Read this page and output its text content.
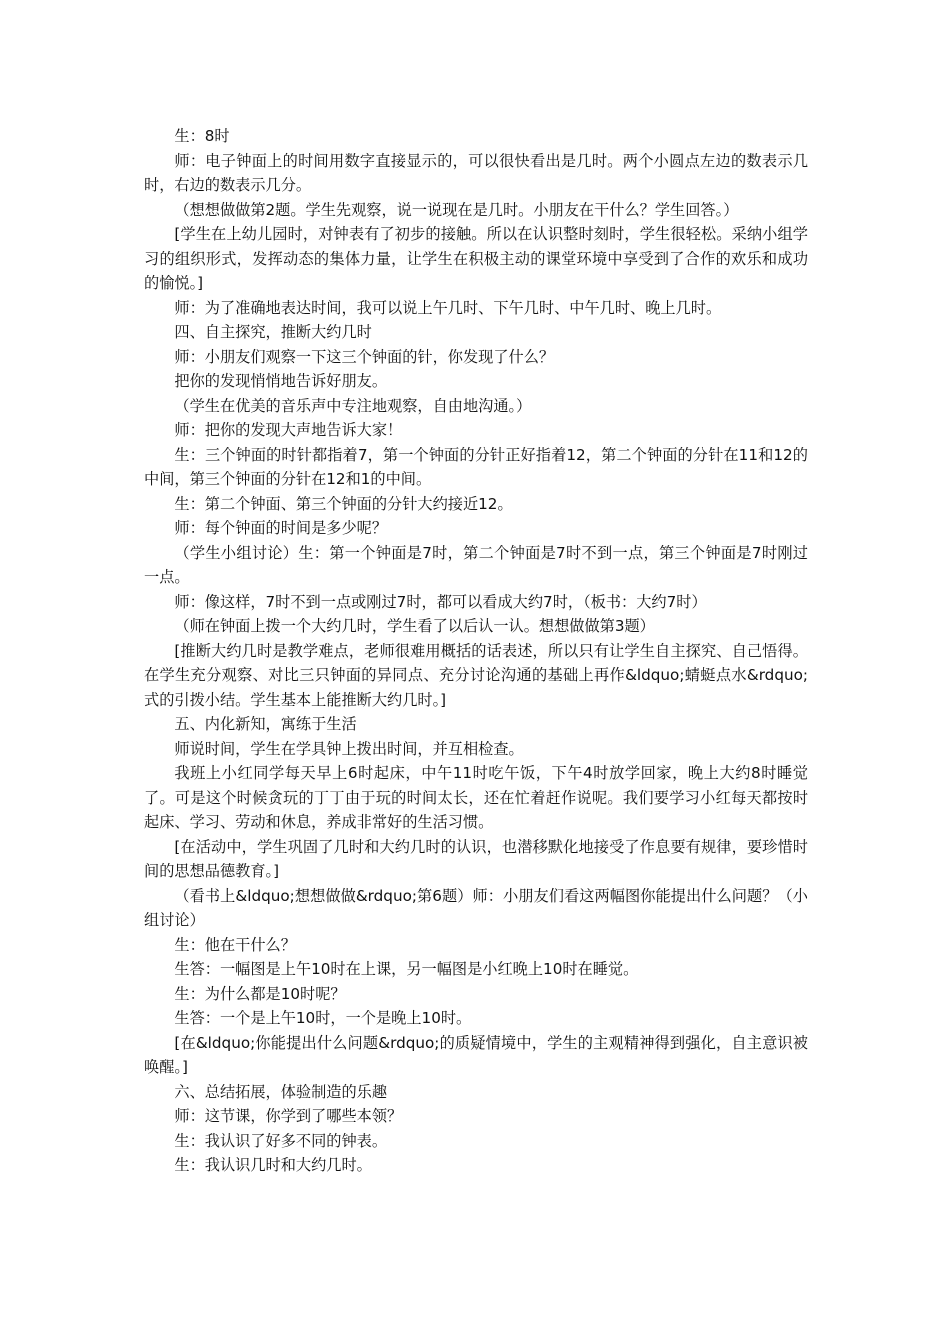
生：8时

师：电子钟面上的时间用数字直接显示的，可以很快看出是几时。两个小圆点左边的数表示几时，右边的数表示几分。

（想想做做第2题。学生先观察，说一说现在是几时。小朋友在干什么？学生回答。）

[学生在上幼儿园时，对钟表有了初步的接触。所以在认识整时刻时，学生很轻松。采纳小组学习的组织形式，发挥动态的集体力量，让学生在积极主动的课堂环境中享受到了合作的欢乐和成功的愉悦。]

师：为了准确地表达时间，我可以说上午几时、下午几时、中午几时、晚上几时。

四、自主探究，推断大约几时

师：小朋友们观察一下这三个钟面的针，你发现了什么？

把你的发现悄悄地告诉好朋友。

（学生在优美的音乐声中专注地观察，自由地沟通。）

师：把你的发现大声地告诉大家！

生：三个钟面的时针都指着7，第一个钟面的分针正好指着12，第二个钟面的分针在11和12的中间，第三个钟面的分针在12和1的中间。

生：第二个钟面、第三个钟面的分针大约接近12。

师：每个钟面的时间是多少呢？

（学生小组讨论）生：第一个钟面是7时，第二个钟面是7时不到一点，第三个钟面是7时刚过一点。

师：像这样，7时不到一点或刚过7时，都可以看成大约7时，（板书：大约7时）

（师在钟面上拨一个大约几时，学生看了以后认一认。想想做做第3题）

[推断大约几时是教学难点，老师很难用概括的话表述，所以只有让学生自主探究、自己悟得。在学生充分观察、对比三只钟面的异同点、充分讨论沟通的基础上再作&ldquo;蜻蜓点水&rdquo;式的引拨小结。学生基本上能推断大约几时。]

五、内化新知，寓练于生活

师说时间，学生在学具钟上拨出时间，并互相检查。

我班上小红同学每天早上6时起床，中午11时吃午饭，下午4时放学回家，晚上大约8时睡觉了。可是这个时候贪玩的丁丁由于玩的时间太长，还在忙着赶作说呢。我们要学习小红每天都按时起床、学习、劳动和休息，养成非常好的生活习惯。

[在活动中，学生巩固了几时和大约几时的认识，也潜移默化地接受了作息要有规律，要珍惜时间的思想品德教育。]

（看书上&ldquo;想想做做&rdquo;第6题）师：小朋友们看这两幅图你能提出什么问题？（小组讨论）

生：他在干什么？

生答：一幅图是上午10时在上课，另一幅图是小红晚上10时在睡觉。

生：为什么都是10时呢？

生答：一个是上午10时，一个是晚上10时。

[在&ldquo;你能提出什么问题&rdquo;的质疑情境中，学生的主观精神得到强化，自主意识被唤醒。]

六、总结拓展，体验制造的乐趣

师：这节课，你学到了哪些本领？

生：我认识了好多不同的钟表。

生：我认识几时和大约几时。
